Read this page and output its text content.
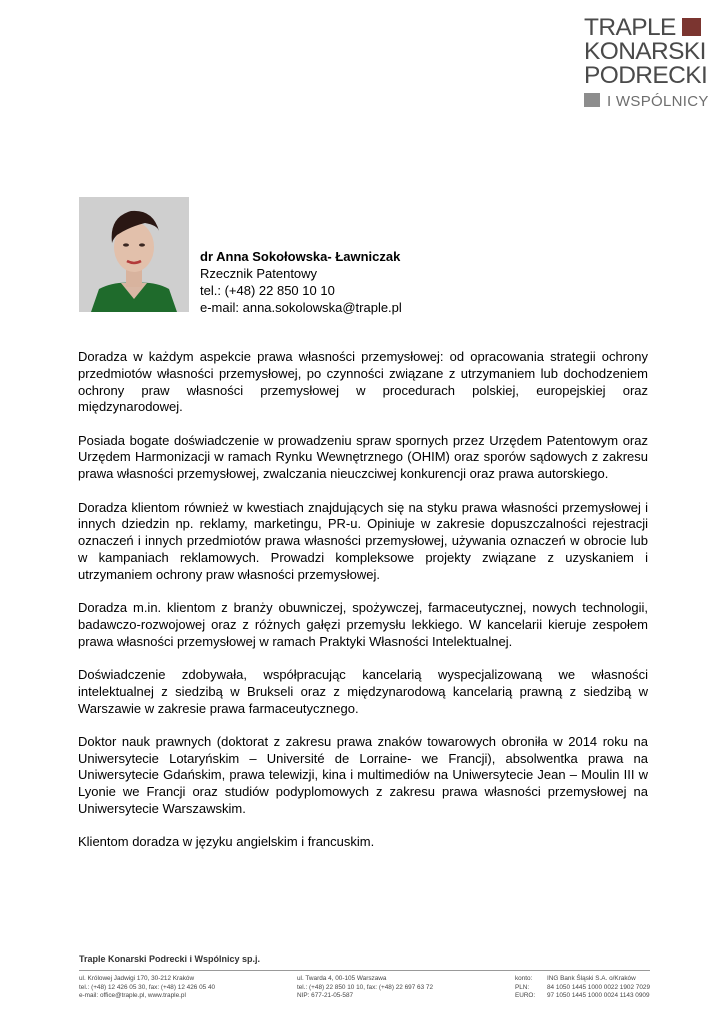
TRAPLE
KONARSKI
PODRECKI
I WSPÓLNICY
dr Anna Sokołowska- Ławniczak
Rzecznik Patentowy
tel.: (+48) 22 850 10 10
e-mail: anna.sokolowska@traple.pl

Doradza w każdym aspekcie prawa własności przemysłowej: od opracowania strategii ochrony przedmiotów własności przemysłowej, po czynności związane z utrzymaniem lub dochodzeniem ochrony praw własności przemysłowej w procedurach polskiej, europejskiej oraz międzynarodowej.

Posiada bogate doświadczenie w prowadzeniu spraw spornych przez Urzędem Patentowym oraz Urzędem Harmonizacji w ramach Rynku Wewnętrznego (OHIM) oraz sporów sądowych z zakresu prawa własności przemysłowej, zwalczania nieuczciwej konkurencji oraz prawa autorskiego.

Doradza klientom również w kwestiach znajdujących się na styku prawa własności przemysłowej i innych dziedzin np. reklamy, marketingu, PR-u. Opiniuje w zakresie dopuszczalności rejestracji oznaczeń i innych przedmiotów prawa własności przemysłowej, używania oznaczeń w obrocie lub w kampaniach reklamowych. Prowadzi kompleksowe projekty związane z uzyskaniem i utrzymaniem ochrony praw własności przemysłowej.

Doradza m.in. klientom z branży obuwniczej, spożywczej, farmaceutycznej, nowych technologii, badawczo-rozwojowej oraz z różnych gałęzi przemysłu lekkiego. W kancelarii kieruje zespołem prawa własności przemysłowej w ramach Praktyki Własności Intelektualnej.

Doświadczenie zdobywała, współpracując kancelarią wyspecjalizowaną we własności intelektualnej z siedzibą w Brukseli oraz z międzynarodową kancelarią prawną z siedzibą w Warszawie w zakresie prawa farmaceutycznego.

Doktor nauk prawnych (doktorat z zakresu prawa znaków towarowych obroniła w 2014 roku na Uniwersytecie Lotaryńskim – Université de Lorraine- we Francji), absolwentka prawa na Uniwersytecie Gdańskim, prawa telewizji, kina i multimediów na Uniwersytecie Jean – Moulin III w Lyonie we Francji oraz studiów podyplomowych z zakresu prawa własności przemysłowej na Uniwersytecie Warszawskim.

Klientom doradza w języku angielskim i francuskim.

Traple Konarski Podrecki i Wspólnicy sp.j.
ul. Królowej Jadwigi 170, 30-212 Kraków
tel.: (+48) 12 426 05 30, fax: (+48) 12 426 05 40
e-mail: office@traple.pl, www.traple.pl
ul. Twarda 4, 00-105 Warszawa
tel.: (+48) 22 850 10 10, fax: (+48) 22 697 63 72
NIP: 677-21-05-587
konto:	ING Bank Śląski S.A. o/Kraków
PLN:	84 1050 1445 1000 0022 1902 7029
EURO:	97 1050 1445 1000 0024 1143 0909
